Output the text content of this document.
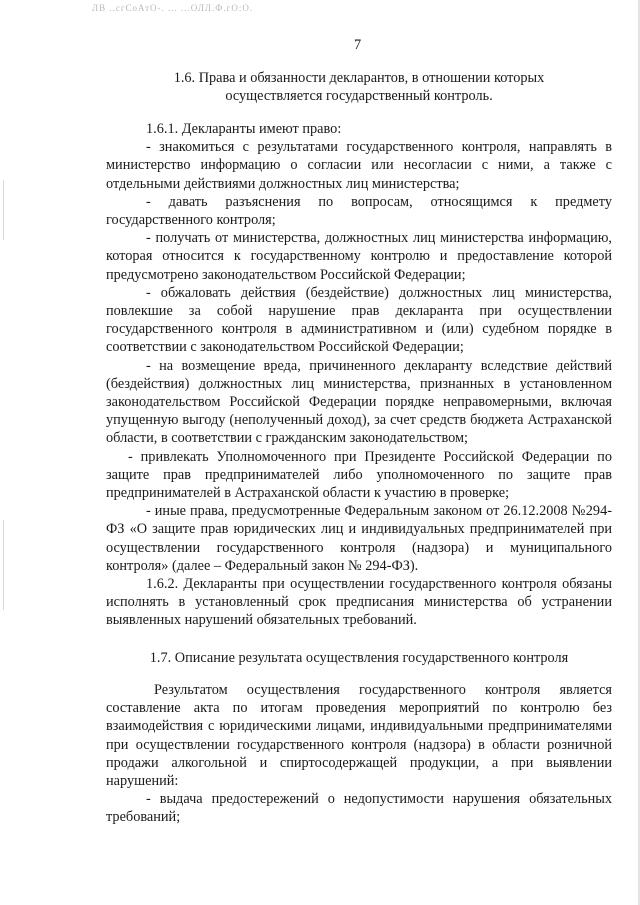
ЛВ ..сгСоАтО-. ... ...ОЛЛ.Ф.гО:О.
7
1.6. Права и обязанности декларантов, в отношении которых
осуществляется государственный контроль.

1.6.1. Декларанты имеют право:

- знакомиться с результатами государственного контроля, направлять в министерство информацию о согласии или несогласии с ними, а также с отдельными действиями должностных лиц министерства;

- давать разъяснения по вопросам, относящимся к предмету государственного контроля;

- получать от министерства, должностных лиц министерства информацию, которая относится к государственному контролю и предоставление которой предусмотрено законодательством Российской Федерации;

- обжаловать действия (бездействие) должностных лиц министерства, повлекшие за собой нарушение прав декларанта при осуществлении государственного контроля в административном и (или) судебном порядке в соответствии с законодательством Российской Федерации;

- на возмещение вреда, причиненного декларанту вследствие действий (бездействия) должностных лиц министерства, признанных в установленном законодательством Российской Федерации порядке неправомерными, включая упущенную выгоду (неполученный доход), за счет средств бюджета Астраханской области, в соответствии с гражданским законодательством;

- привлекать Уполномоченного при Президенте Российской Федерации по защите прав предпринимателей либо уполномоченного по защите прав предпринимателей в Астраханской области к участию в проверке;

- иные права, предусмотренные Федеральным законом от 26.12.2008 №294-ФЗ «О защите прав юридических лиц и индивидуальных предпринимателей при осуществлении государственного контроля (надзора) и муниципального контроля» (далее – Федеральный закон № 294-ФЗ).

1.6.2. Декларанты при осуществлении государственного контроля обязаны исполнять в установленный срок предписания министерства об устранении выявленных нарушений обязательных требований.

1.7. Описание результата осуществления государственного контроля

Результатом осуществления государственного контроля является составление акта по итогам проведения мероприятий по контролю без взаимодействия с юридическими лицами, индивидуальными предпринимателями при осуществлении государственного контроля (надзора) в области розничной продажи алкогольной и спиртосодержащей продукции, а при выявлении нарушений:

- выдача предостережений о недопустимости нарушения обязательных требований;
